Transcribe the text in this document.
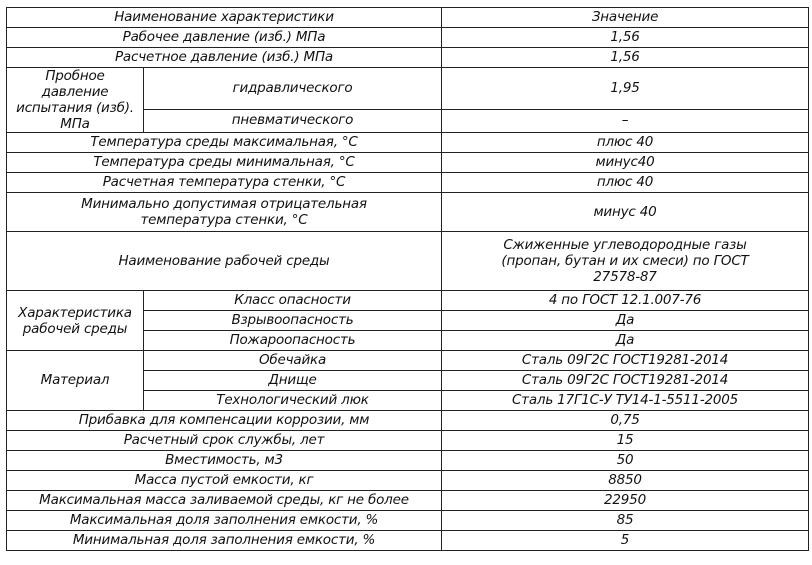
Наименование характеристики		Значение
Рабочее давление (изб.) МПа		1,56
Расчетное давление (изб.) МПа		1,56
Пробное давление испытания (изб). МПа	гидравлического	1,95
	пневматического	–
Температура среды максимальная, °С		плюс 40
Температура среды минимальная, °С		минус40
Расчетная температура стенки, °С		плюс 40
Минимально допустимая отрицательная температура стенки, °С		минус 40
Наименование рабочей среды		Сжиженные углеводородные газы (пропан, бутан и их смеси) по ГОСТ 27578-87
Характеристика рабочей среды	Класс опасности	4 по ГОСТ 12.1.007-76
	Взрывоопасность	Да
	Пожароопасность	Да
Материал	Обечайка	Сталь 09Г2С ГОСТ19281-2014
	Днище	Сталь 09Г2С ГОСТ19281-2014
	Технологический люк	Сталь 17Г1С-У ТУ14-1-5511-2005
Прибавка для компенсации коррозии, мм		0,75
Расчетный срок службы, лет		15
Вместимость, м3		50
Масса пустой емкости, кг		8850
Максимальная масса заливаемой среды, кг не более		22950
Максимальная доля заполнения емкости, %		85
Минимальная доля заполнения емкости, %		5
